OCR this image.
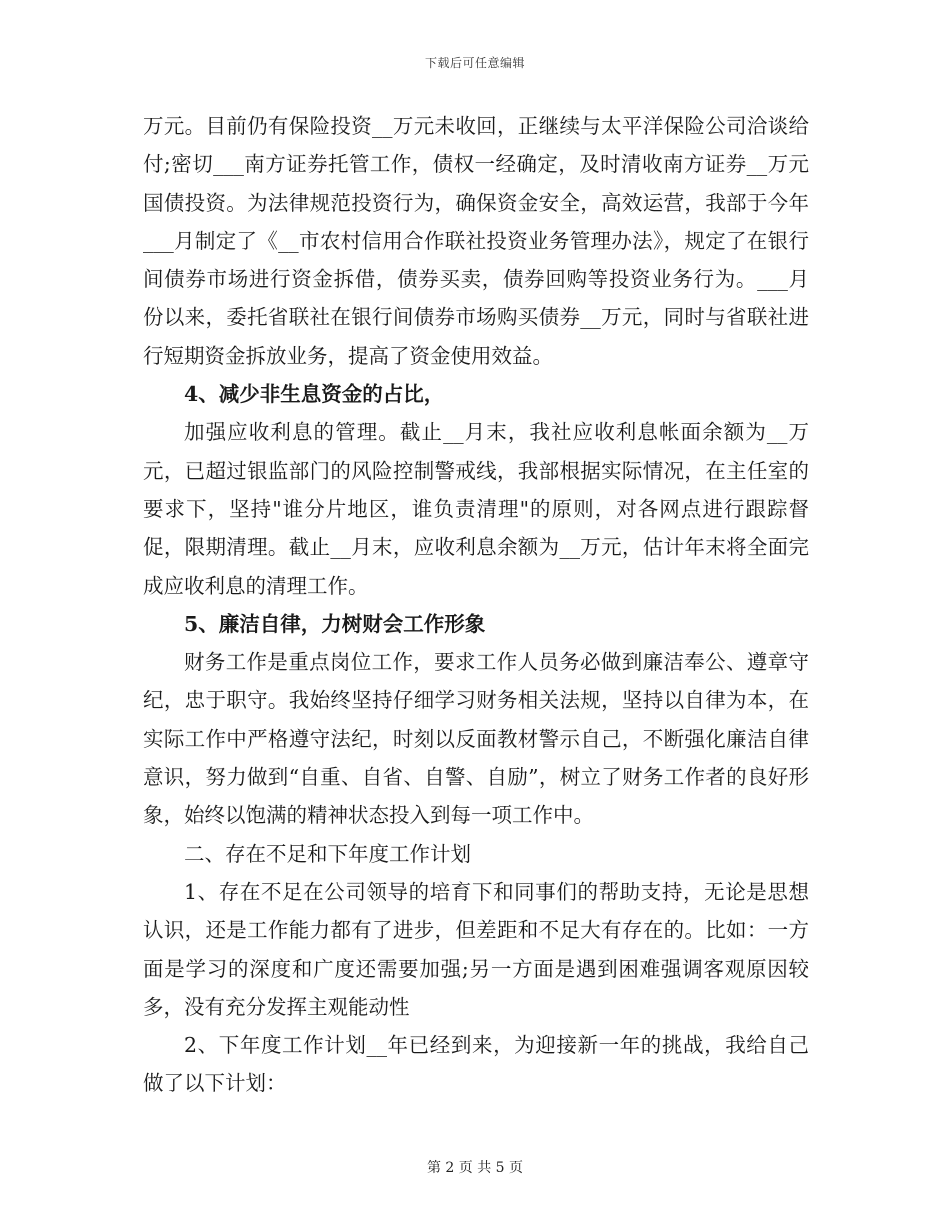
下载后可任意编辑

万元。目前仍有保险投资__万元未收回，正继续与太平洋保险公司洽谈给付;密切___南方证券托管工作，债权一经确定，及时清收南方证券__万元国债投资。为法律规范投资行为，确保资金安全，高效运营，我部于今年___月制定了《__市农村信用合作联社投资业务管理办法》，规定了在银行间债券市场进行资金拆借，债券买卖，债券回购等投资业务行为。___月份以来，委托省联社在银行间债券市场购买债券__万元，同时与省联社进行短期资金拆放业务，提高了资金使用效益。

4、减少非生息资金的占比，

加强应收利息的管理。截止__月末，我社应收利息帐面余额为__万元，已超过银监部门的风险控制警戒线，我部根据实际情况，在主任室的要求下，坚持"谁分片地区，谁负责清理"的原则，对各网点进行跟踪督促，限期清理。截止__月末，应收利息余额为__万元，估计年末将全面完成应收利息的清理工作。

5、廉洁自律，力树财会工作形象

财务工作是重点岗位工作，要求工作人员务必做到廉洁奉公、遵章守纪，忠于职守。我始终坚持仔细学习财务相关法规，坚持以自律为本，在实际工作中严格遵守法纪，时刻以反面教材警示自己，不断强化廉洁自律意识，努力做到“自重、自省、自警、自励”，树立了财务工作者的良好形象，始终以饱满的精神状态投入到每一项工作中。

二、存在不足和下年度工作计划

1、存在不足在公司领导的培育下和同事们的帮助支持，无论是思想认识，还是工作能力都有了进步，但差距和不足大有存在的。比如：一方面是学习的深度和广度还需要加强;另一方面是遇到困难强调客观原因较多，没有充分发挥主观能动性

2、下年度工作计划__年已经到来，为迎接新一年的挑战，我给自己做了以下计划：

第 2 页 共 5 页
